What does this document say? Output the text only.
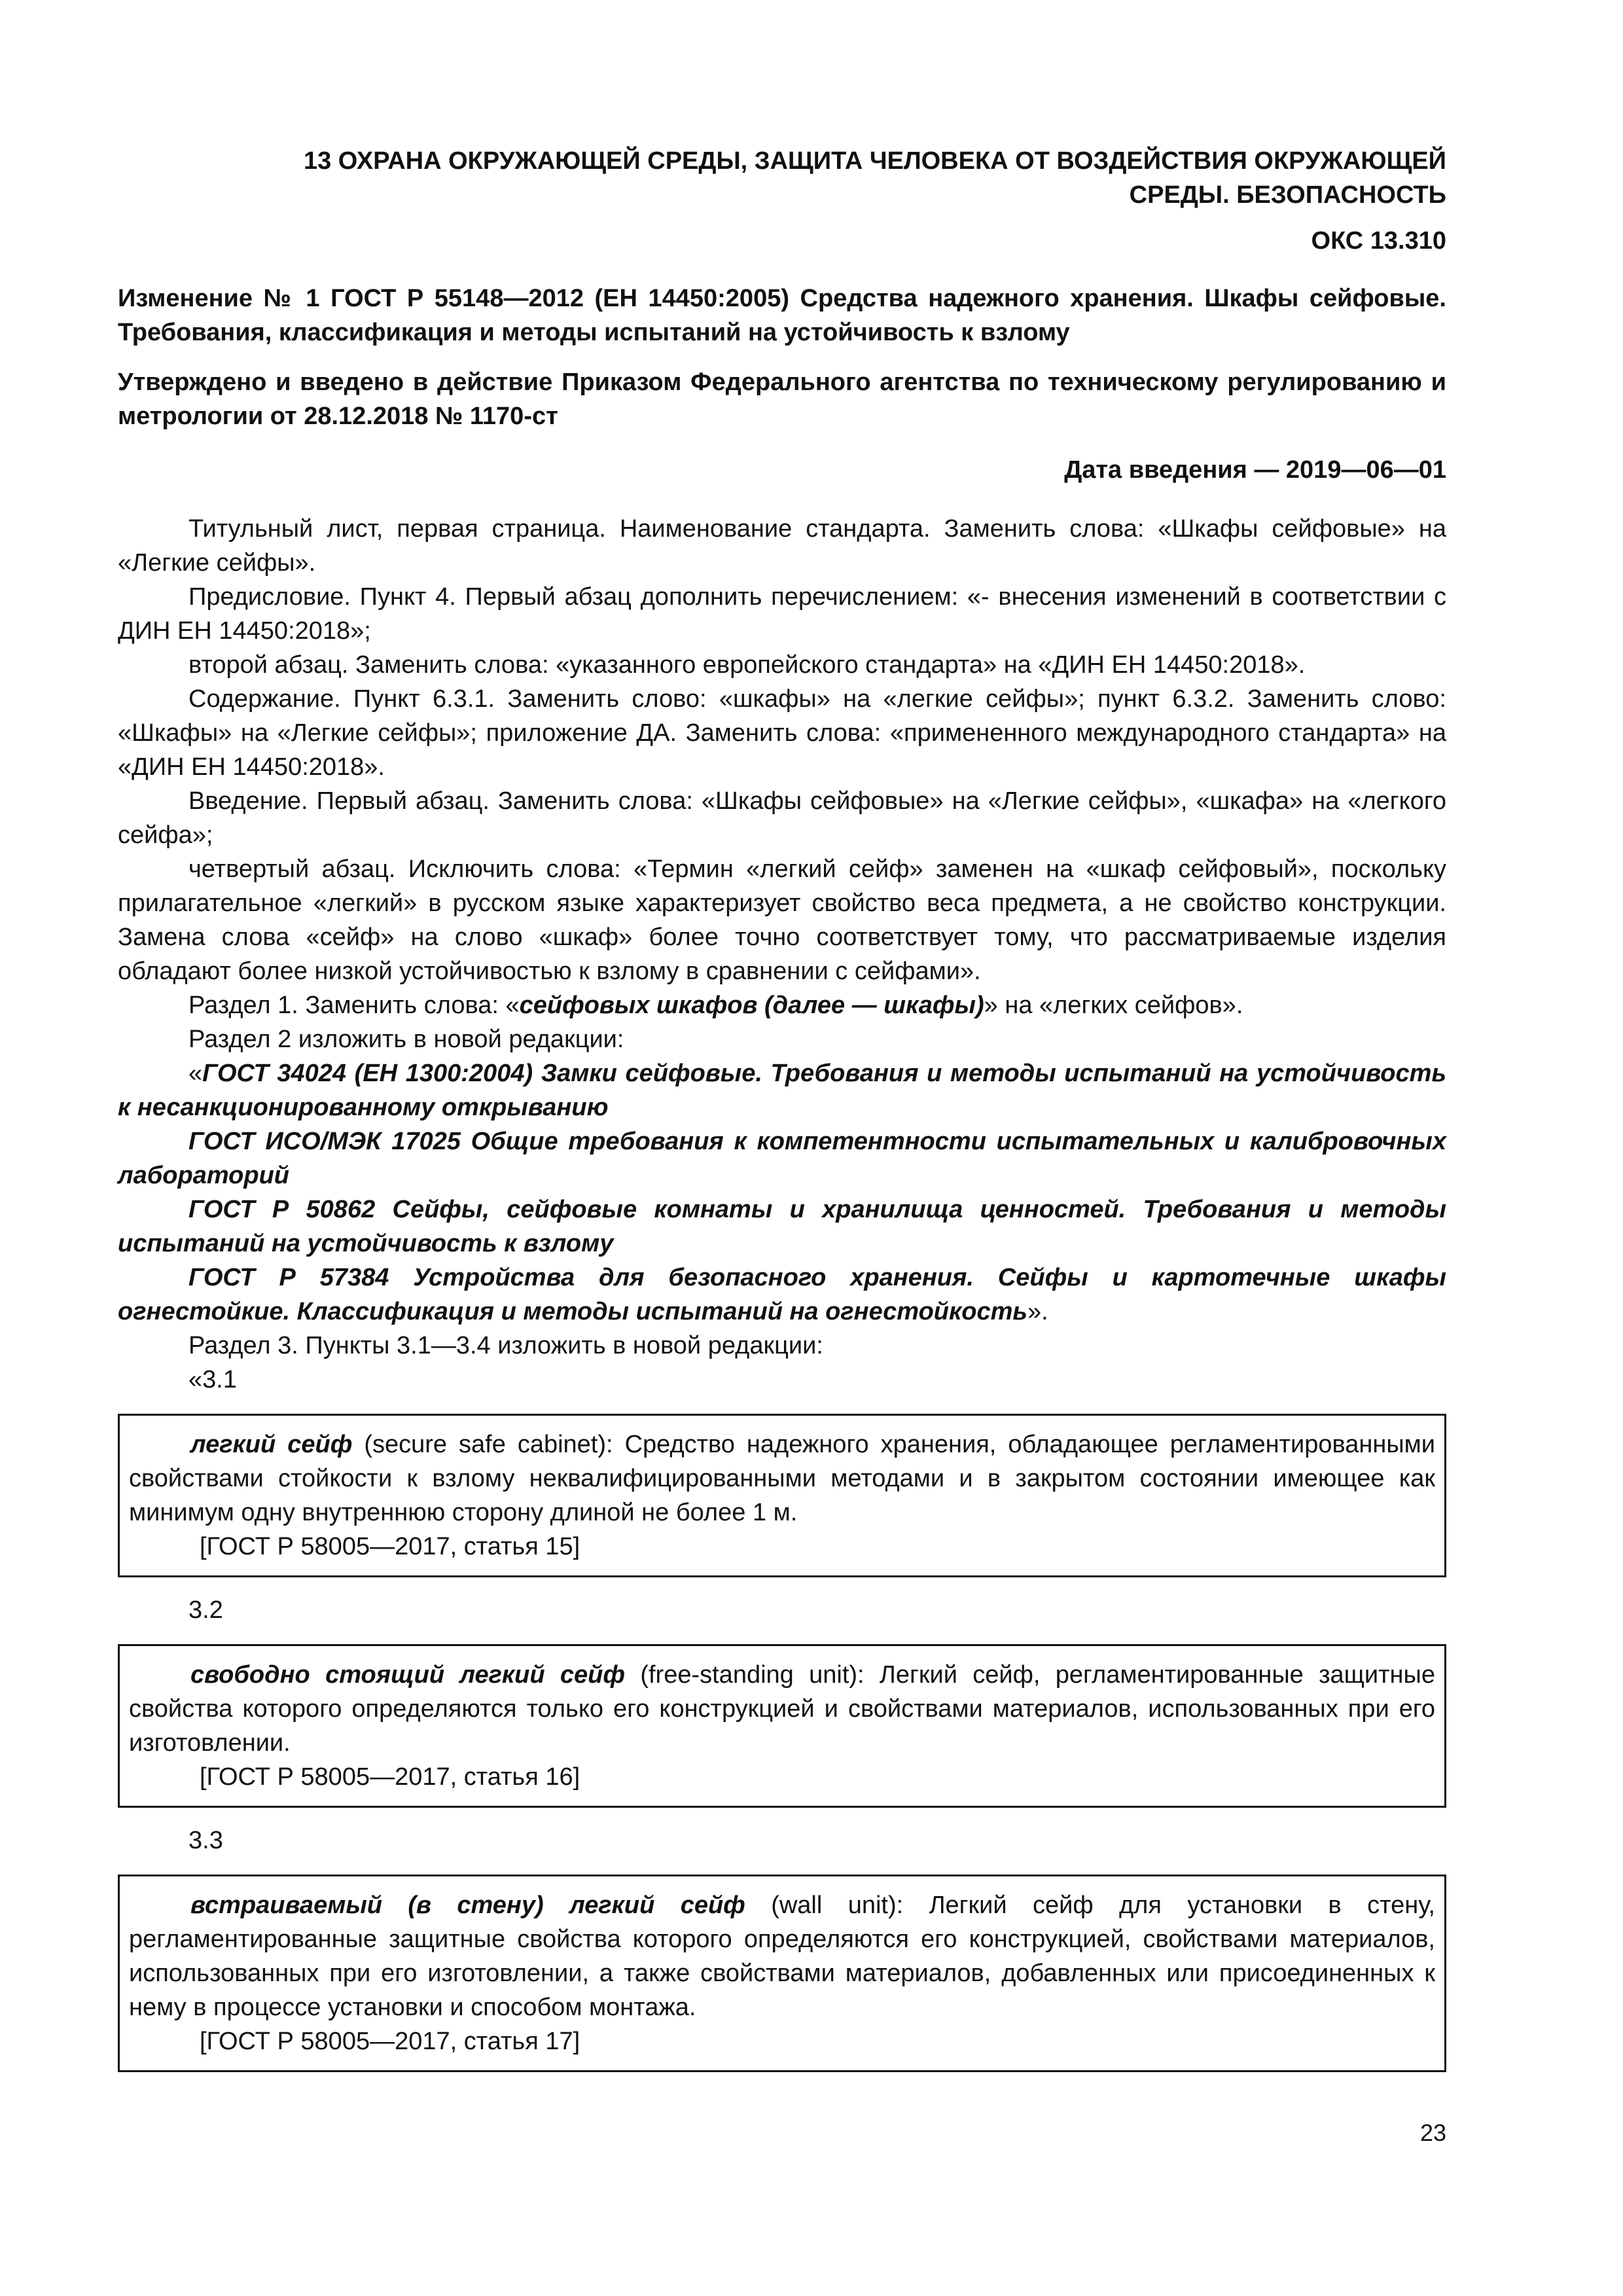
13 ОХРАНА ОКРУЖАЮЩЕЙ СРЕДЫ, ЗАЩИТА ЧЕЛОВЕКА ОТ ВОЗДЕЙСТВИЯ ОКРУЖАЮЩЕЙ
СРЕДЫ. БЕЗОПАСНОСТЬ
ОКС 13.310

Изменение № 1 ГОСТ Р 55148—2012 (ЕН 14450:2005) Средства надежного хранения. Шкафы сейфовые. Требования, классификация и методы испытаний на устойчивость к взлому

Утверждено и введено в действие Приказом Федерального агентства по техническому регулированию и метрологии от 28.12.2018 № 1170-ст

Дата введения — 2019—06—01

Титульный лист, первая страница. Наименование стандарта. Заменить слова: «Шкафы сейфовые» на «Легкие сейфы».

Предисловие. Пункт 4. Первый абзац дополнить перечислением: «- внесения изменений в соответствии с ДИН ЕН 14450:2018»;

второй абзац. Заменить слова: «указанного европейского стандарта» на «ДИН ЕН 14450:2018».

Содержание. Пункт 6.3.1. Заменить слово: «шкафы» на «легкие сейфы»; пункт 6.3.2. Заменить слово: «Шкафы» на «Легкие сейфы»; приложение ДА. Заменить слова: «примененного международного стандарта» на «ДИН ЕН 14450:2018».

Введение. Первый абзац. Заменить слова: «Шкафы сейфовые» на «Легкие сейфы», «шкафа» на «легкого сейфа»;

четвертый абзац. Исключить слова: «Термин «легкий сейф» заменен на «шкаф сейфовый», поскольку прилагательное «легкий» в русском языке характеризует свойство веса предмета, а не свойство конструкции. Замена слова «сейф» на слово «шкаф» более точно соответствует тому, что рассматриваемые изделия обладают более низкой устойчивостью к взлому в сравнении с сейфами».

Раздел 1. Заменить слова: «сейфовых шкафов (далее — шкафы)» на «легких сейфов».

Раздел 2 изложить в новой редакции:

«ГОСТ 34024 (ЕН 1300:2004) Замки сейфовые. Требования и методы испытаний на устойчивость к несанкционированному открыванию

ГОСТ ИСО/МЭК 17025 Общие требования к компетентности испытательных и калибровочных лабораторий

ГОСТ Р 50862 Сейфы, сейфовые комнаты и хранилища ценностей. Требования и методы испытаний на устойчивость к взлому

ГОСТ Р 57384 Устройства для безопасного хранения. Сейфы и картотечные шкафы огнестойкие. Классификация и методы испытаний на огнестойкость».

Раздел 3. Пункты 3.1—3.4 изложить в новой редакции:

«3.1

легкий сейф (secure safe cabinet): Средство надежного хранения, обладающее регламентированными свойствами стойкости к взлому неквалифицированными методами и в закрытом состоянии имеющее как минимум одну внутреннюю сторону длиной не более 1 м.

[ГОСТ Р 58005—2017, статья 15]

3.2

свободно стоящий легкий сейф (free-standing unit): Легкий сейф, регламентированные защитные свойства которого определяются только его конструкцией и свойствами материалов, использованных при его изготовлении.

[ГОСТ Р 58005—2017, статья 16]

3.3

встраиваемый (в стену) легкий сейф (wall unit): Легкий сейф для установки в стену, регламентированные защитные свойства которого определяются его конструкцией, свойствами материалов, использованных при его изготовлении, а также свойствами материалов, добавленных или присоединенных к нему в процессе установки и способом монтажа.

[ГОСТ Р 58005—2017, статья 17]
23
